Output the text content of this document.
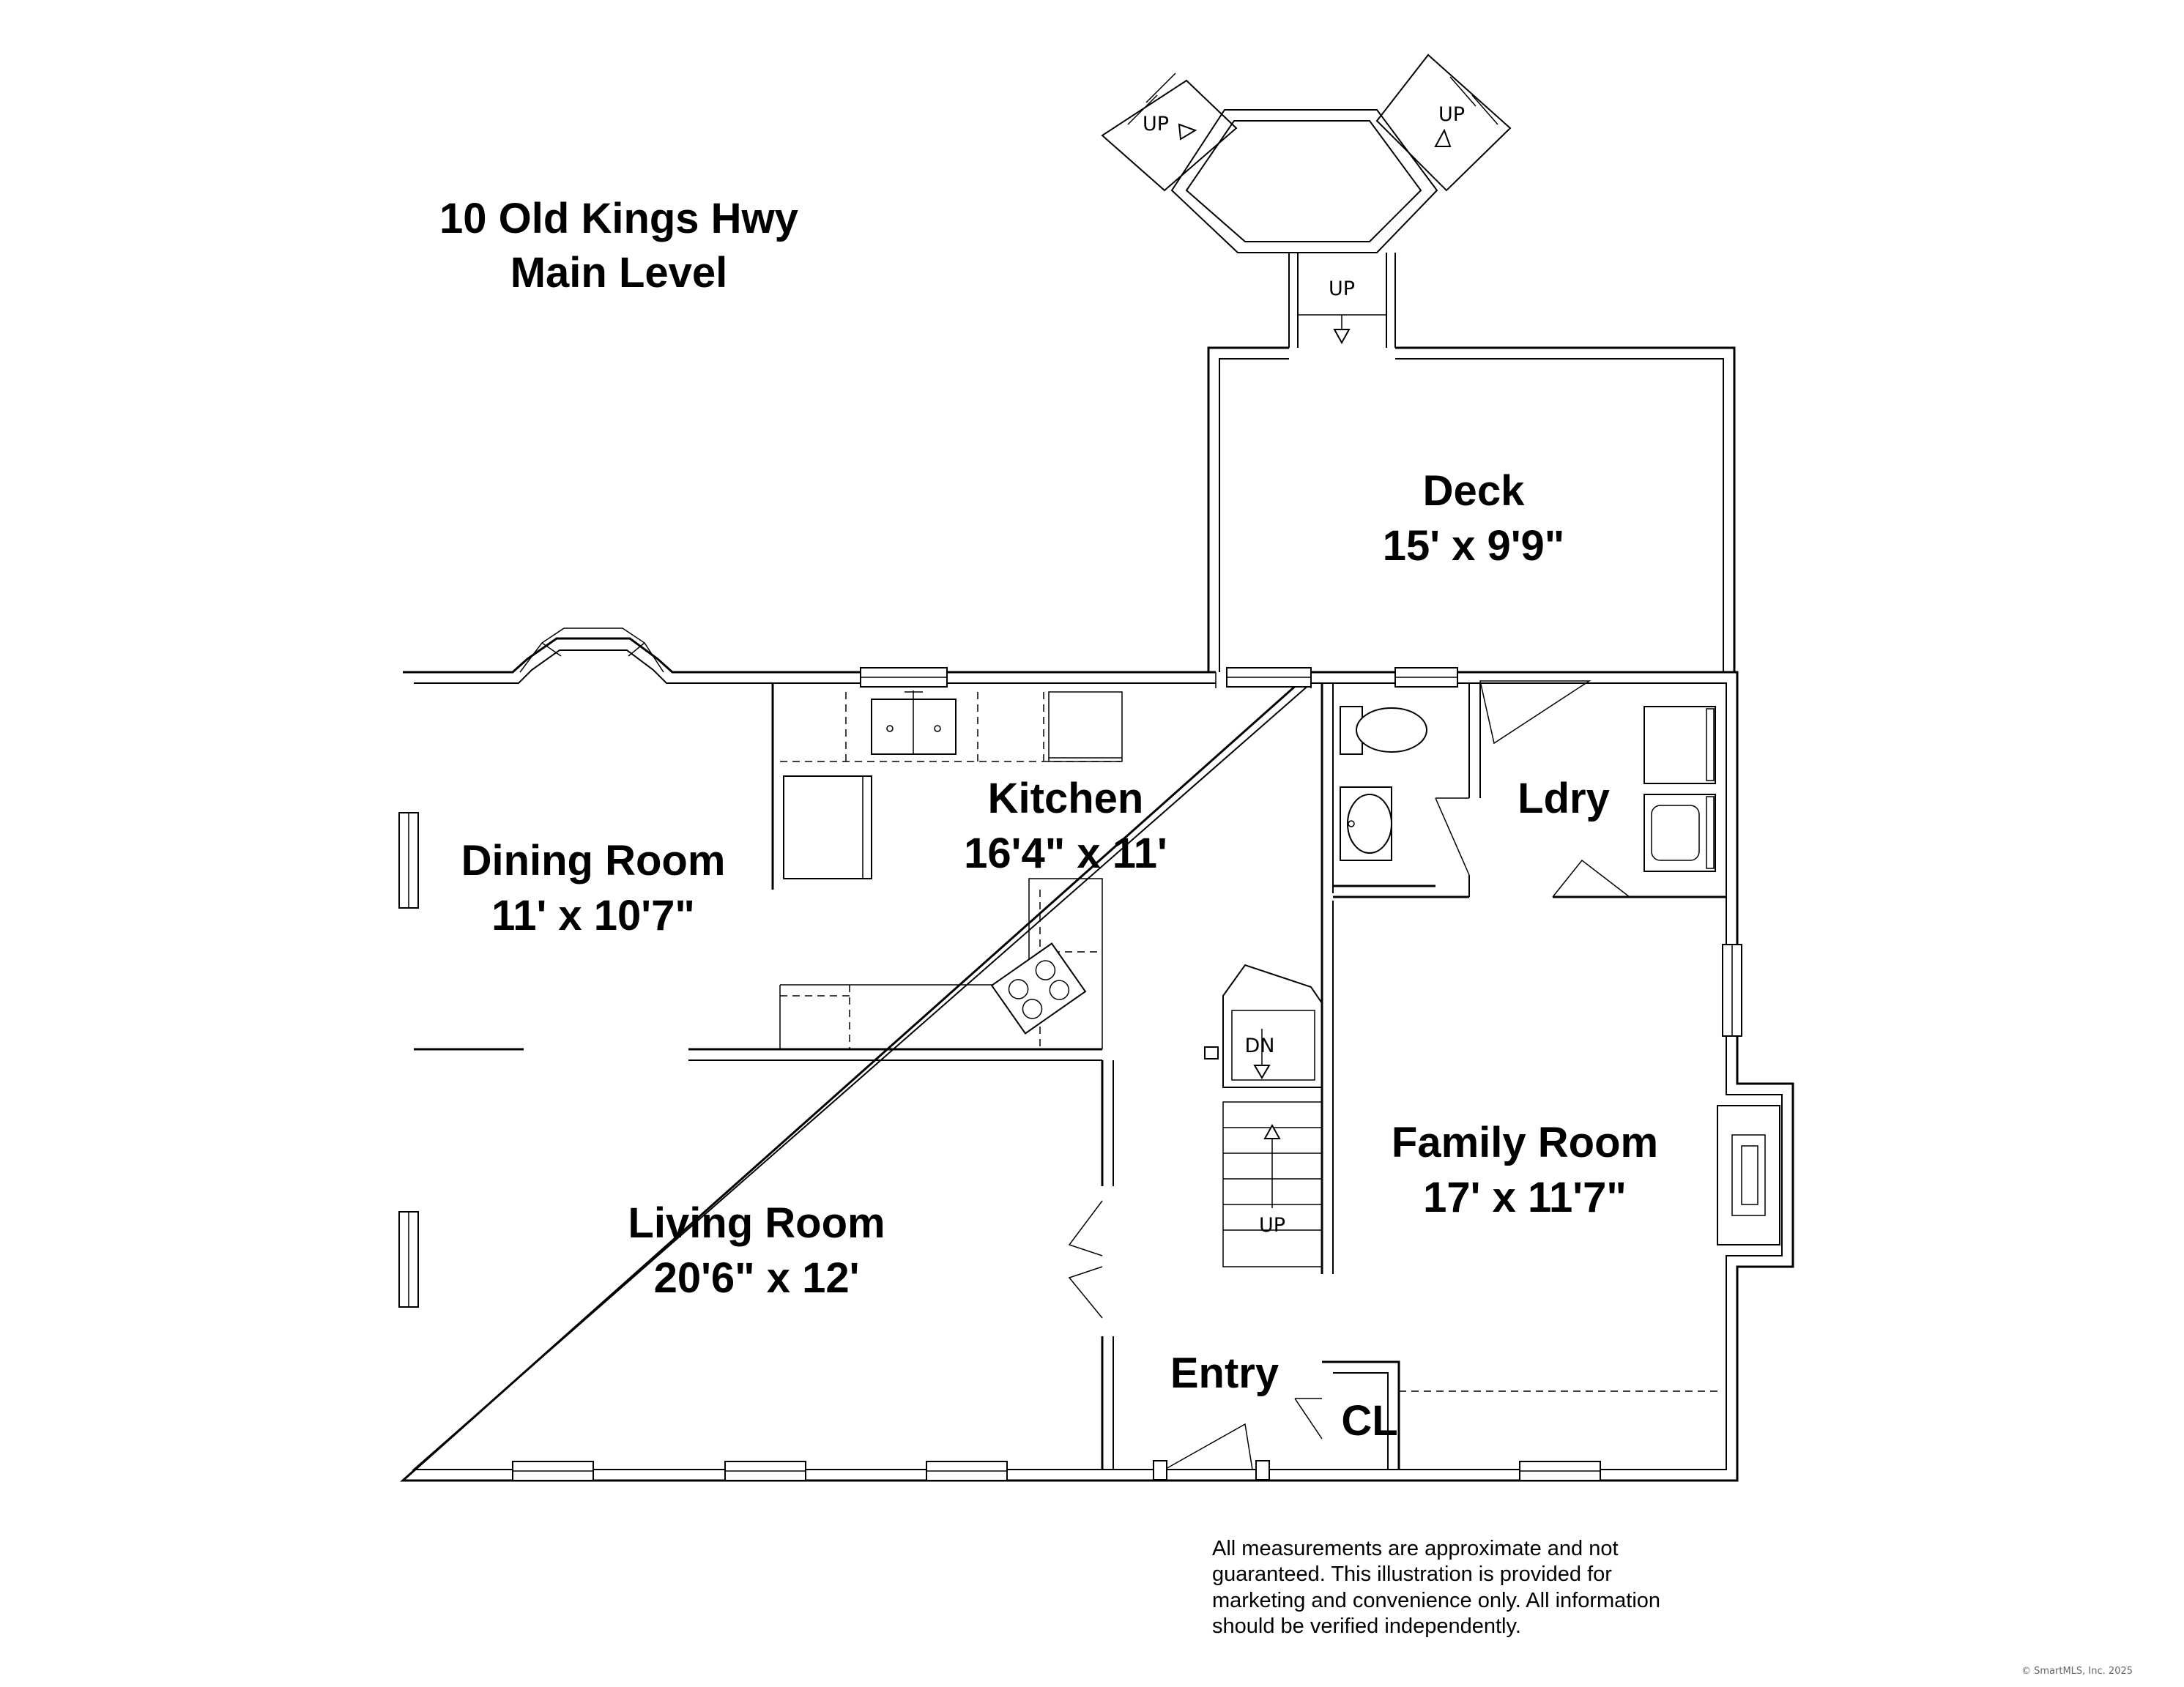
10 Old Kings Hwy
Main Level
Deck
15' x 9'9"
Kitchen
16'4" x 11'
Dining Room
11' x 10'7"
Ldry
Family Room
17' x 11'7"
Living Room
20'6" x 12'
Entry
CL
UP	UP
UP
DN
UP
All measurements are approximate and not
guaranteed. This illustration is provided for
marketing and convenience only. All information
should be verified independently.
© SmartMLS, Inc. 2025
